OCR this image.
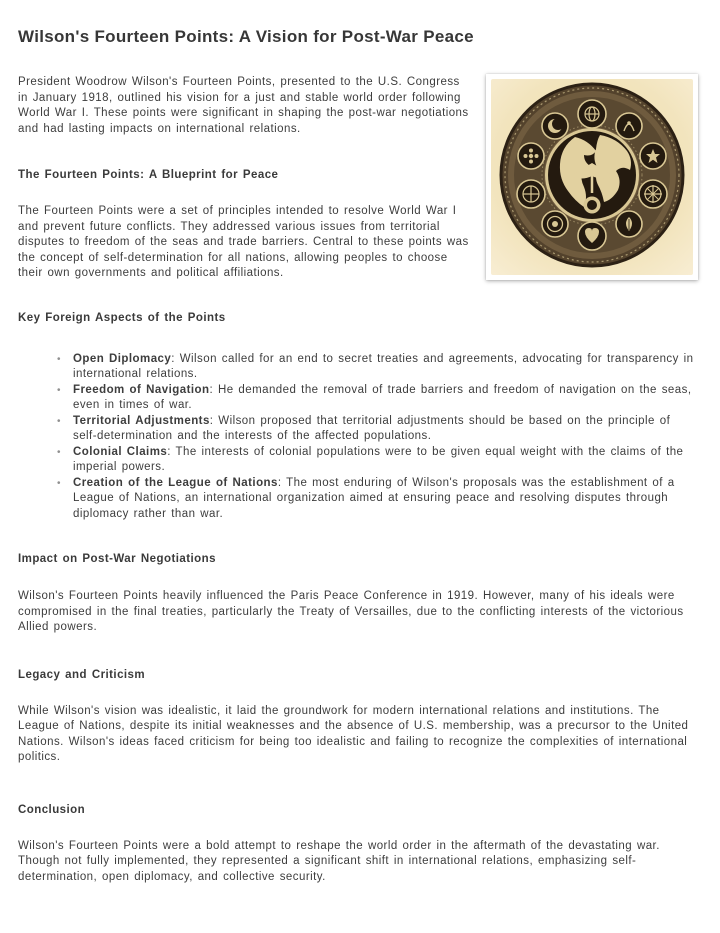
Wilson's Fourteen Points: A Vision for Post-War Peace

President Woodrow Wilson's Fourteen Points, presented to the U.S. Congress in January 1918, outlined his vision for a just and stable world order following World War I. These points were significant in shaping the post-war negotiations and had lasting impacts on international relations.

The Fourteen Points: A Blueprint for Peace

The Fourteen Points were a set of principles intended to resolve World War I and prevent future conflicts. They addressed various issues from territorial disputes to freedom of the seas and trade barriers. Central to these points was the concept of self-determination for all nations, allowing peoples to choose their own governments and political affiliations.

Key Foreign Aspects of the Points
• Open Diplomacy: Wilson called for an end to secret treaties and agreements, advocating for transparency in international relations.
• Freedom of Navigation: He demanded the removal of trade barriers and freedom of navigation on the seas, even in times of war.
• Territorial Adjustments: Wilson proposed that territorial adjustments should be based on the principle of self-determination and the interests of the affected populations.
• Colonial Claims: The interests of colonial populations were to be given equal weight with the claims of the imperial powers.
• Creation of the League of Nations: The most enduring of Wilson's proposals was the establishment of a League of Nations, an international organization aimed at ensuring peace and resolving disputes through diplomacy rather than war.
Impact on Post-War Negotiations

Wilson's Fourteen Points heavily influenced the Paris Peace Conference in 1919. However, many of his ideals were compromised in the final treaties, particularly the Treaty of Versailles, due to the conflicting interests of the victorious Allied powers.

Legacy and Criticism

While Wilson's vision was idealistic, it laid the groundwork for modern international relations and institutions. The League of Nations, despite its initial weaknesses and the absence of U.S. membership, was a precursor to the United Nations. Wilson's ideas faced criticism for being too idealistic and failing to recognize the complexities of international politics.

Conclusion

Wilson's Fourteen Points were a bold attempt to reshape the world order in the aftermath of the devastating war. Though not fully implemented, they represented a significant shift in international relations, emphasizing self-determination, open diplomacy, and collective security.
